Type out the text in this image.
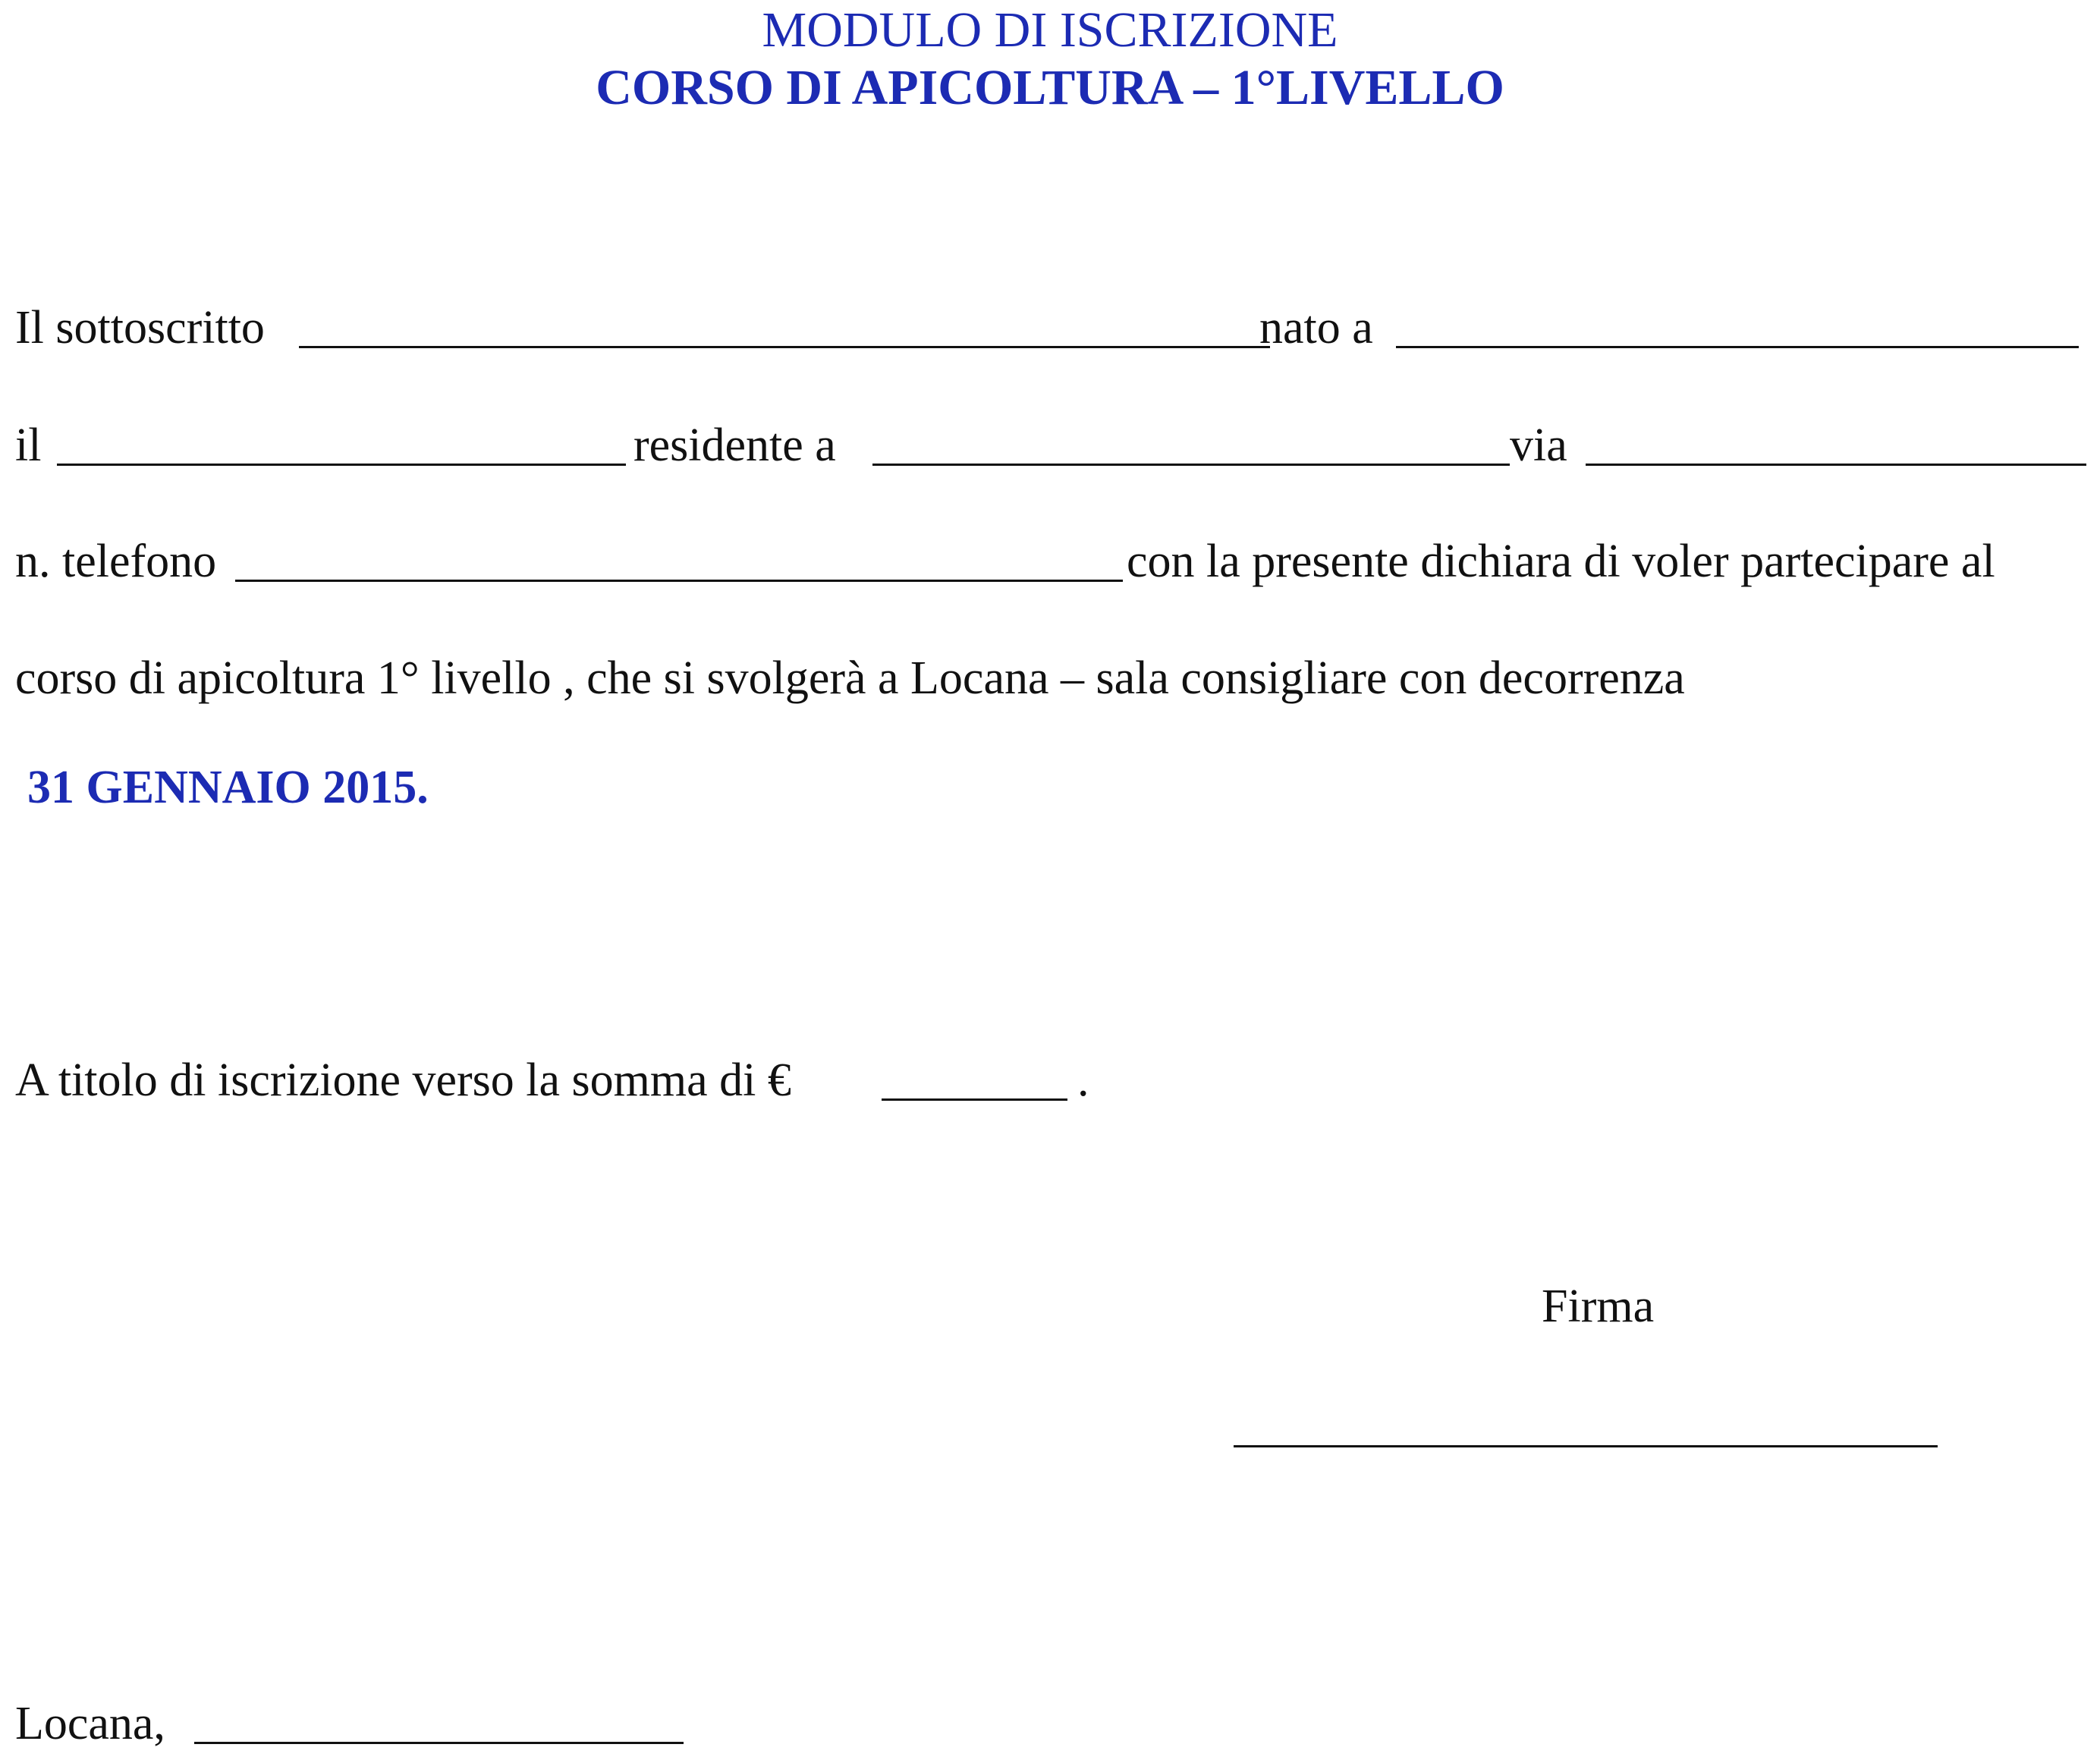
MODULO DI ISCRIZIONE
CORSO DI APICOLTURA – 1°LIVELLO
Il sottoscritto	nato a
il	residente a	via
n. telefono	con la presente dichiara di voler partecipare al
corso di apicoltura 1° livello , che si svolgerà a Locana – sala consigliare con decorrenza
31 GENNAIO 2015.
A titolo di iscrizione verso la somma di €	.
Firma
Locana,
